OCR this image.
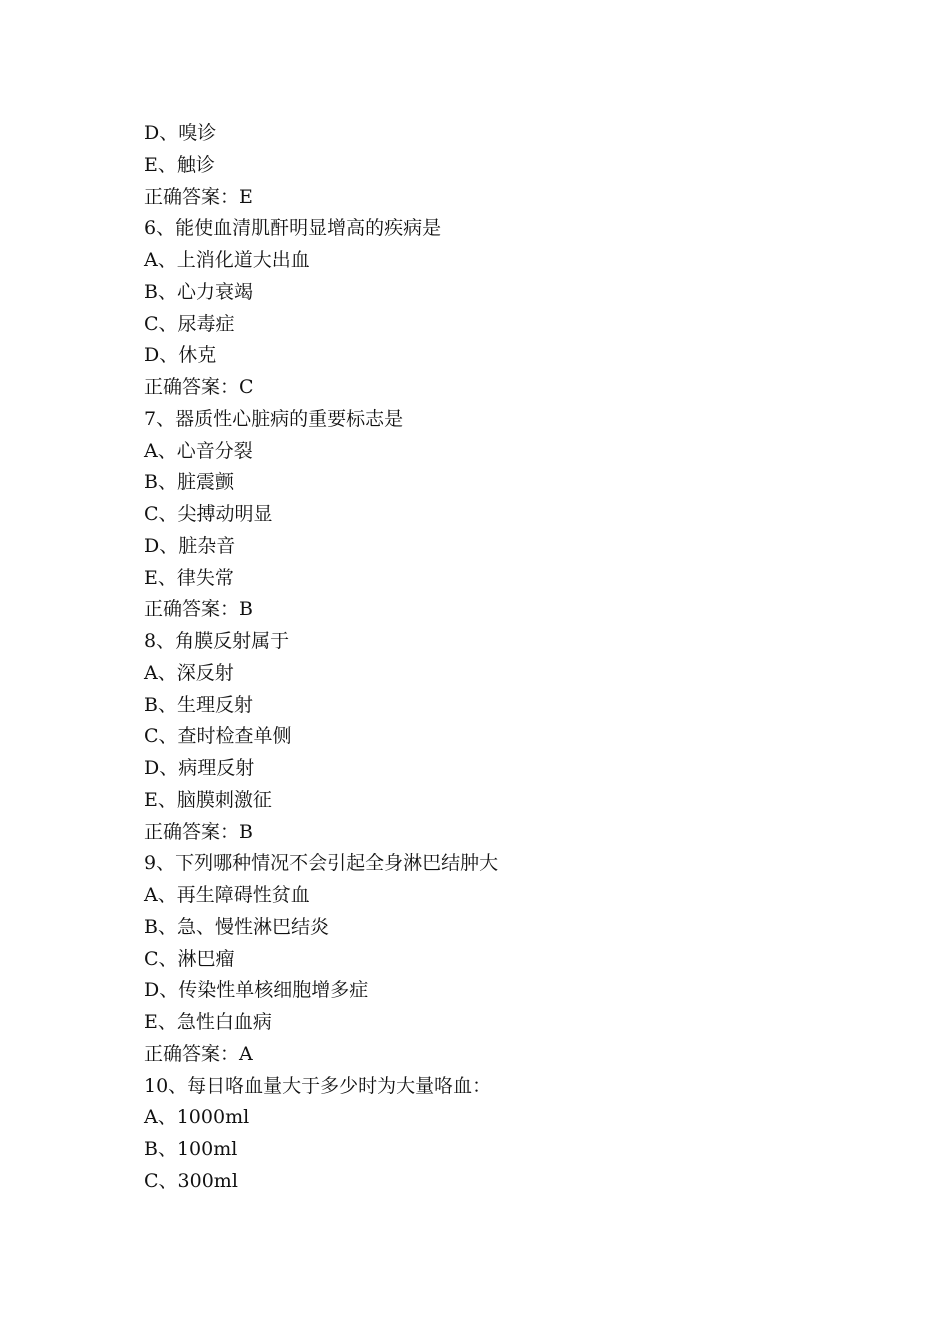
D、嗅诊
E、触诊
正确答案：E
6、能使血清肌酐明显增高的疾病是
A、上消化道大出血
B、心力衰竭
C、尿毒症
D、休克
正确答案：C
7、器质性心脏病的重要标志是
A、心音分裂
B、脏震颤
C、尖搏动明显
D、脏杂音
E、律失常
正确答案：B
8、角膜反射属于
A、深反射
B、生理反射
C、查时检查单侧
D、病理反射
E、脑膜刺激征
正确答案：B
9、下列哪种情况不会引起全身淋巴结肿大
A、再生障碍性贫血
B、急、慢性淋巴结炎
C、淋巴瘤
D、传染性单核细胞增多症
E、急性白血病
正确答案：A
10、每日咯血量大于多少时为大量咯血：
A、1000ml
B、100ml
C、300ml
